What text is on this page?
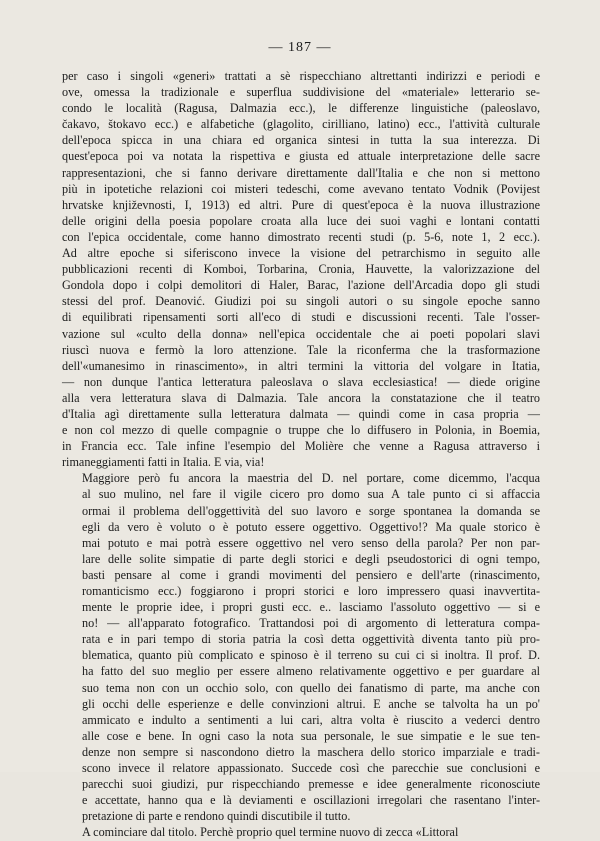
— 187 —

per caso i singoli «generi» trattati a sè rispecchiano altrettanti indirizzi e periodi e
ove, omessa la tradizionale e superflua suddivisione del «materiale» letterario se-
condo le località (Ragusa, Dalmazia ecc.), le differenze linguistiche (paleoslavo,
čakavo, štokavo ecc.) e alfabetiche (glagolito, cirilliano, latino) ecc., l'attività culturale
dell'epoca spicca in una chiara ed organica sintesi in tutta la sua interezza. Di
quest'epoca poi va notata la rispettiva e giusta ed attuale interpretazione delle sacre
rappresentazioni, che si fanno derivare direttamente dall'Italia e che non si mettono
più in ipotetiche relazioni coi misteri tedeschi, come avevano tentato Vodnik (Povijest
hrvatske književnosti, I, 1913) ed altri. Pure di quest'epoca è la nuova illustrazione
delle origini della poesia popolare croata alla luce dei suoi vaghi e lontani contatti
con l'epica occidentale, come hanno dimostrato recenti studi (p. 5-6, note 1, 2 ecc.).
Ad altre epoche si siferiscono invece la visione del petrarchismo in seguito alle
pubblicazioni recenti di Komboi, Torbarina, Cronia, Hauvette, la valorizzazione del
Gondola dopo i colpi demolitori di Haler, Barac, l'azione dell'Arcadia dopo gli studi
stessi del prof. Deanović. Giudizi poi su singoli autori o su singole epoche sanno
di equilibrati ripensamenti sorti all'eco di studi e discussioni recenti. Tale l'osser-
vazione sul «culto della donna» nell'epica occidentale che ai poeti popolari slavi
riuscì nuova e fermò la loro attenzione. Tale la riconferma che la trasformazione
dell'«umanesimo in rinascimento», in altri termini la vittoria del volgare in Itatia,
— non dunque l'antica letteratura paleoslava o slava ecclesiastica! — diede origine
alla vera letteratura slava di Dalmazia. Tale ancora la constatazione che il teatro
d'Italia agì direttamente sulla letteratura dalmata — quindi come in casa propria —
e non col mezzo di quelle compagnie o truppe che lo diffusero in Polonia, in Boemia,
in Francia ecc. Tale infine l'esempio del Molière che venne a Ragusa attraverso i
rimaneggiamenti fatti in Italia. E via, via!

Maggiore però fu ancora la maestria del D. nel portare, come dicemmo, l'acqua
al suo mulino, nel fare il vigile cicero pro domo sua A tale punto ci si affaccia
ormai il problema dell'oggettività del suo lavoro e sorge spontanea la domanda se
egli da vero è voluto o è potuto essere oggettivo. Oggettivo!? Ma quale storico è
mai potuto e mai potrà essere oggettivo nel vero senso della parola? Per non par-
lare delle solite simpatie di parte degli storici e degli pseudostorici di ogni tempo,
basti pensare al come i grandi movimenti del pensiero e dell'arte (rinascimento,
romanticismo ecc.) foggiarono i propri storici e loro impressero quasi inavvertita-
mente le proprie idee, i propri gusti ecc. e.. lasciamo l'assoluto oggettivo — si e
no! — all'apparato fotografico. Trattandosi poi di argomento di letteratura compa-
rata e in pari tempo di storia patria la così detta oggettività diventa tanto più pro-
blematica, quanto più complicato e spinoso è il terreno su cui ci si inoltra. Il prof. D.
ha fatto del suo meglio per essere almeno relativamente oggettivo e per guardare al
suo tema non con un occhio solo, con quello dei fanatismo di parte, ma anche con
gli occhi delle esperienze e delle convinzioni altrui. E anche se talvolta ha un po'
ammicato e indulto a sentimenti a lui cari, altra volta è riuscito a vederci dentro
alle cose e bene. In ogni caso la nota sua personale, le sue simpatie e le sue ten-
denze non sempre si nascondono dietro la maschera dello storico imparziale e tradi-
scono invece il relatore appassionato. Succede così che parecchie sue conclusioni e
parecchi suoi giudizi, pur rispecchiando premesse e idee generalmente riconosciute
e accettate, hanno qua e là deviamenti e oscillazioni irregolari che rasentano l'inter-
pretazione di parte e rendono quindi discutibile il tutto.

A cominciare dal titolo. Perchè proprio quel termine nuovo di zecca «Littoral
